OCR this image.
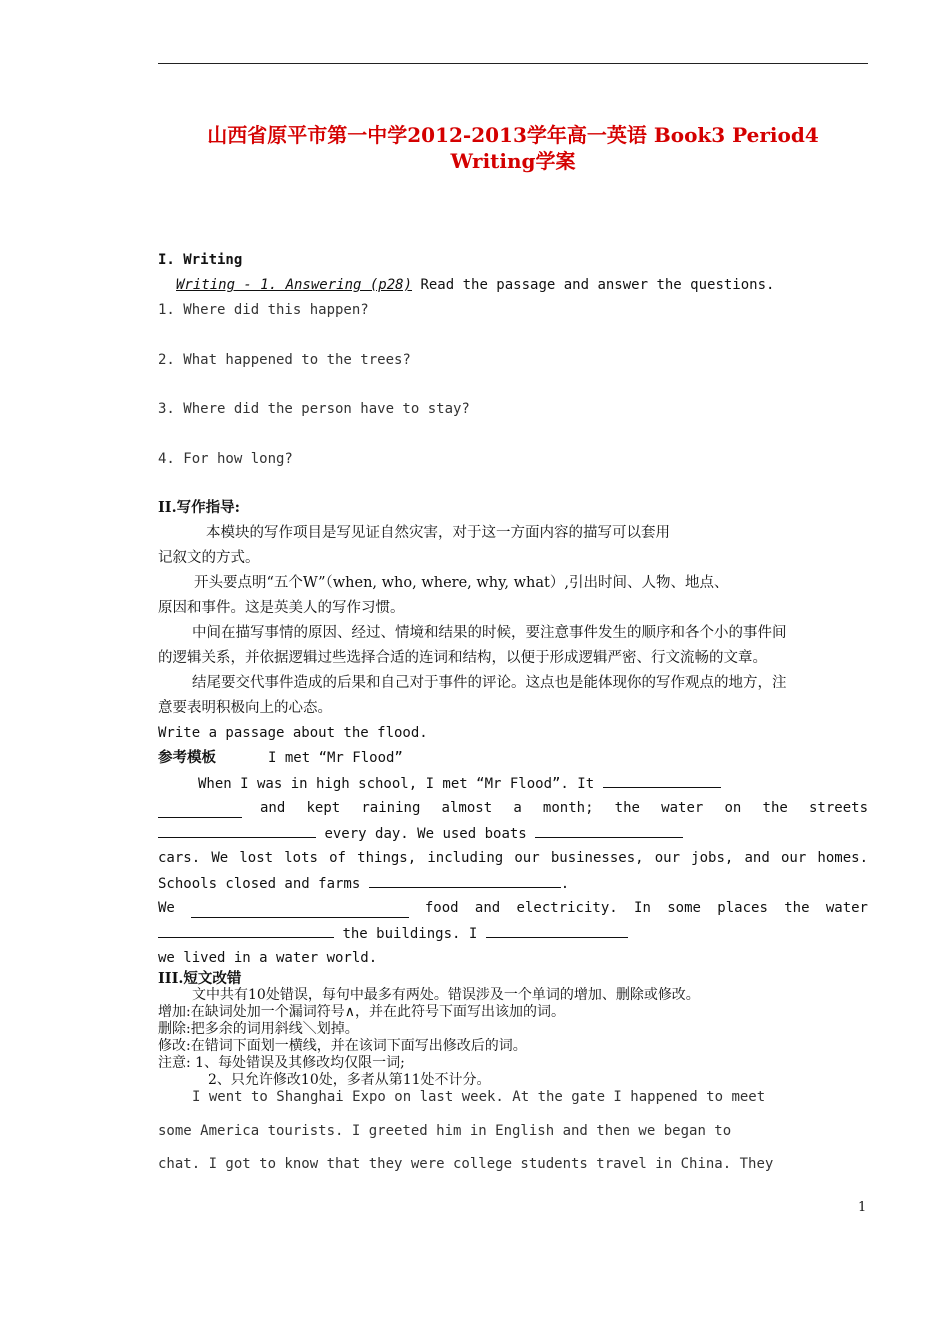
山西省原平市第一中学2012-2013学年高一英语 Book3 Period4
Writing学案
I. Writing
Writing - 1. Answering (p28) Read the passage and answer the questions.
1. Where did this happen?
2. What happened to the trees?
3. Where did the person have to stay?
4. For how long?
II.写作指导:
本模块的写作项目是写见证自然灾害，对于这一方面内容的描写可以套用
记叙文的方式。
开头要点明“五个W”（when, who, where, why, what）,引出时间、人物、地点、
原因和事件。这是英美人的写作习惯。
中间在描写事情的原因、经过、情境和结果的时候，要注意事件发生的顺序和各个小的事件间
的逻辑关系，并依据逻辑过些选择合适的连词和结构，以便于形成逻辑严密、行文流畅的文章。
结尾要交代事件造成的后果和自己对于事件的评论。这点也是能体现你的写作观点的地方，注
意要表明积极向上的心态。
Write a passage about the flood.
参考模板	I met “Mr Flood”
When I was in high school, I met “Mr Flood”. It
and kept raining almost a month; the water on the streets
every day. We used boats
cars. We lost lots of things, including our businesses, our jobs, and our homes.
Schools closed and farms	.
We	food and electricity. In some places the water
the buildings. I
we lived in a water world.
III.短文改错
文中共有10处错误，每句中最多有两处。错误涉及一个单词的增加、删除或修改。
增加:在缺词处加一个漏词符号∧，并在此符号下面写出该加的词。
删除:把多余的词用斜线＼划掉。
修改:在错词下面划一横线，并在该词下面写出修改后的词。
注意: 1、每处错误及其修改均仅限一词;
2、只允许修改10处，多者从第11处不计分。
I went to Shanghai Expo on last week. At the gate I happened to meet
some America tourists. I greeted him in English and then we began to
chat. I got to know that they were college students travel in China. They
1
